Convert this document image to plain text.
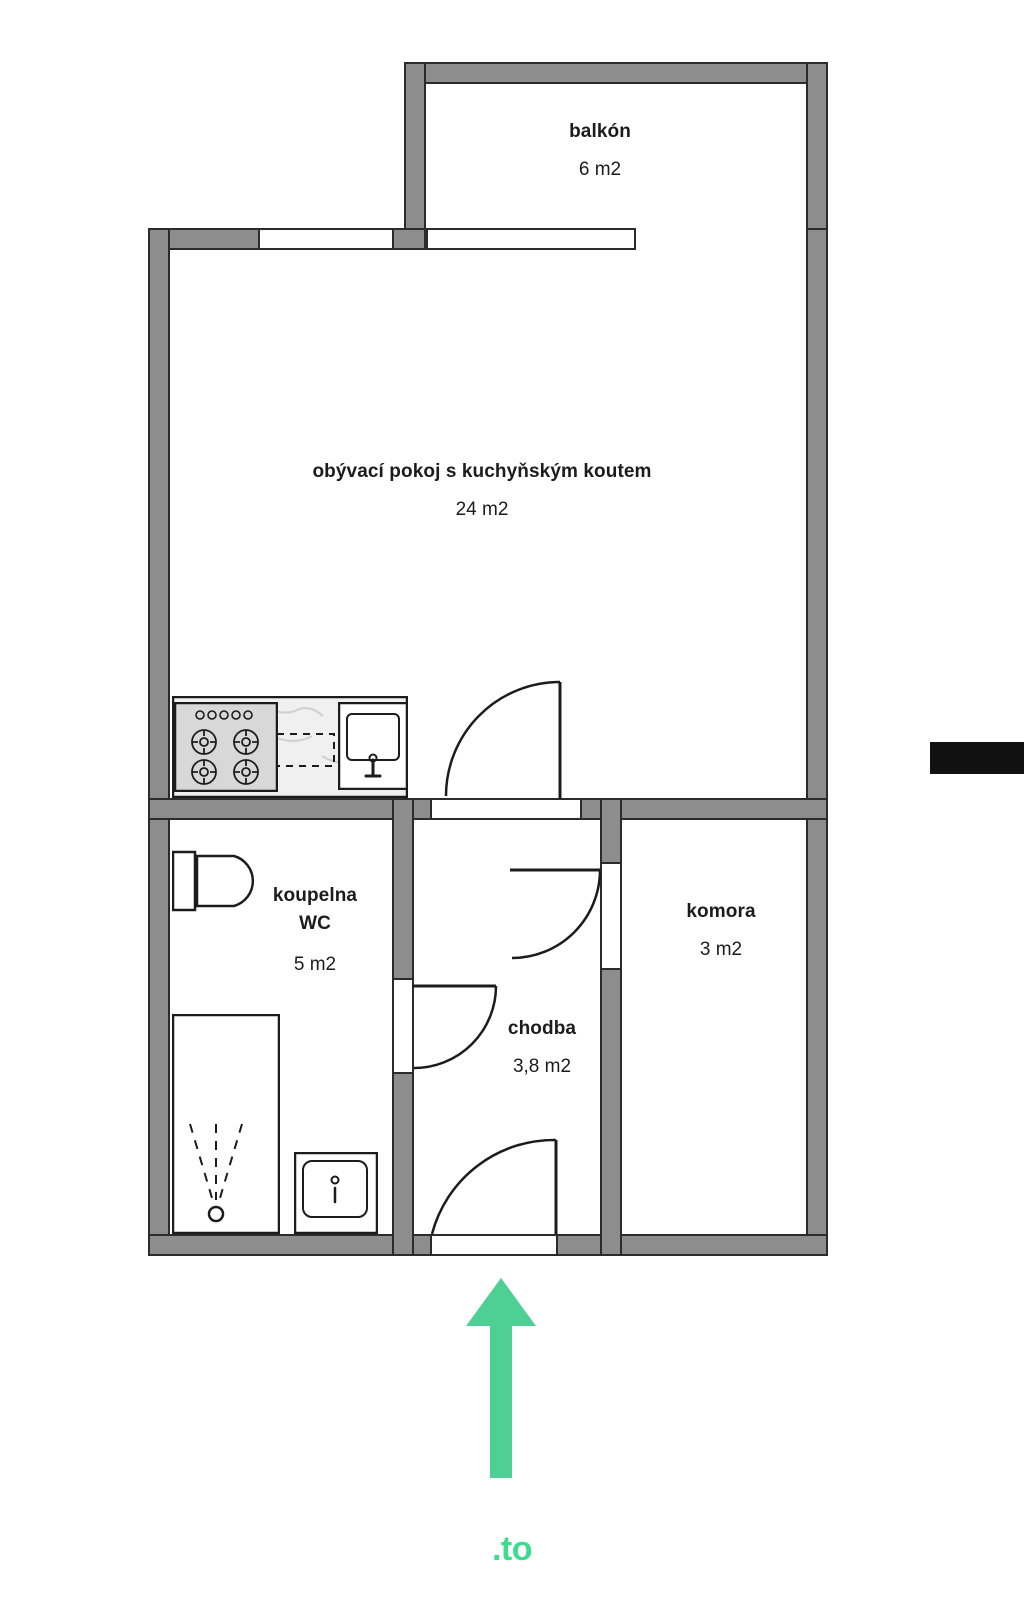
balkón
6 m2
obývací pokoj s kuchyňským koutem
24 m2
koupelna
WC
5 m2
komora
3 m2
chodba
3,8 m2
.to
